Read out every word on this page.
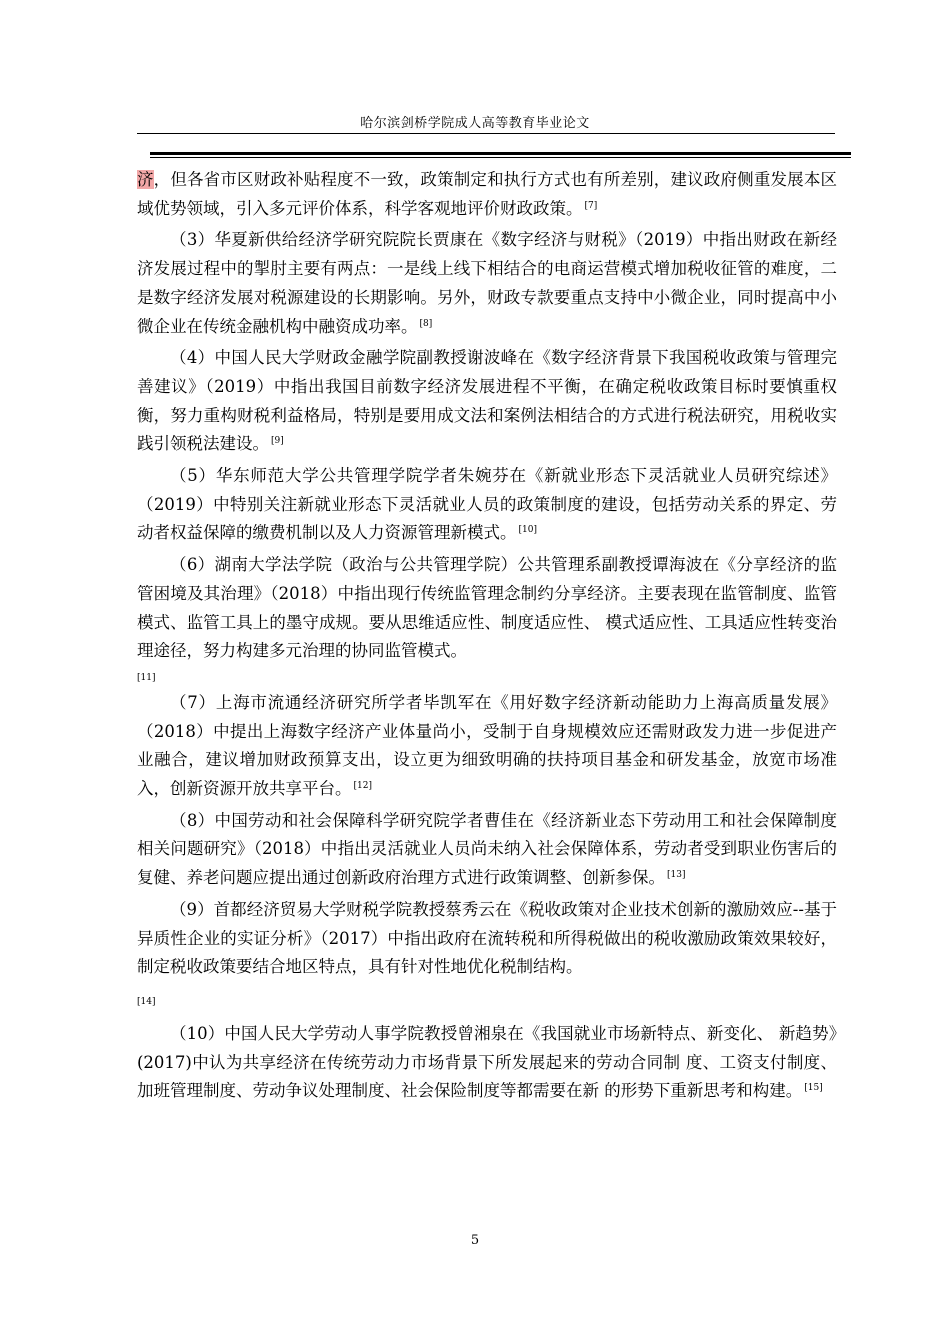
哈尔滨剑桥学院成人高等教育毕业论文

济，但各省市区财政补贴程度不一致，政策制定和执行方式也有所差别，建议政府侧重发展本区域优势领域，引入多元评价体系，科学客观地评价财政政策。 [7]

（3）华夏新供给经济学研究院院长贾康在《数字经济与财税》（2019）中指出财政在新经济发展过程中的掣肘主要有两点：一是线上线下相结合的电商运营模式增加税收征管的难度，二是数字经济发展对税源建设的长期影响。另外，财政专款要重点支持中小微企业，同时提高中小微企业在传统金融机构中融资成功率。 [8]

（4）中国人民大学财政金融学院副教授谢波峰在《数字经济背景下我国税收政策与管理完善建议》（2019）中指出我国目前数字经济发展进程不平衡，在确定税收政策目标时要慎重权衡，努力重构财税利益格局，特别是要用成文法和案例法相结合的方式进行税法研究，用税收实践引领税法建设。 [9]

（5）华东师范大学公共管理学院学者朱婉芬在《新就业形态下灵活就业人员研究综述》（2019）中特别关注新就业形态下灵活就业人员的政策制度的建设，包括劳动关系的界定、劳动者权益保障的缴费机制以及人力资源管理新模式。 [10]

（6）湖南大学法学院（政治与公共管理学院）公共管理系副教授谭海波在《分享经济的监管困境及其治理》（2018）中指出现行传统监管理念制约分享经济。主要表现在监管制度、监管模式、监管工具上的墨守成规。要从思维适应性、制度适应性、 模式适应性、工具适应性转变治理途径，努力构建多元治理的协同监管模式。

[11]

（7）上海市流通经济研究所学者毕凯军在《用好数字经济新动能助力上海高质量发展》（2018）中提出上海数字经济产业体量尚小，受制于自身规模效应还需财政发力进一步促进产业融合，建议增加财政预算支出，设立更为细致明确的扶持项目基金和研发基金，放宽市场准入，创新资源开放共享平台。 [12]

（8）中国劳动和社会保障科学研究院学者曹佳在《经济新业态下劳动用工和社会保障制度相关问题研究》（2018）中指出灵活就业人员尚未纳入社会保障体系，劳动者受到职业伤害后的复健、养老问题应提出通过创新政府治理方式进行政策调整、创新参保。 [13]

（9）首都经济贸易大学财税学院教授蔡秀云在《税收政策对企业技术创新的激励效应--基于异质性企业的实证分析》（2017）中指出政府在流转税和所得税做出的税收激励政策效果较好，制定税收政策要结合地区特点，具有针对性地优化税制结构。

[14]

（10）中国人民大学劳动人事学院教授曾湘泉在《我国就业市场新特点、新变化、 新趋势》(2017)中认为共享经济在传统劳动力市场背景下所发展起来的劳动合同制 度、工资支付制度、加班管理制度、劳动争议处理制度、社会保险制度等都需要在新 的形势下重新思考和构建。 [15]

5
